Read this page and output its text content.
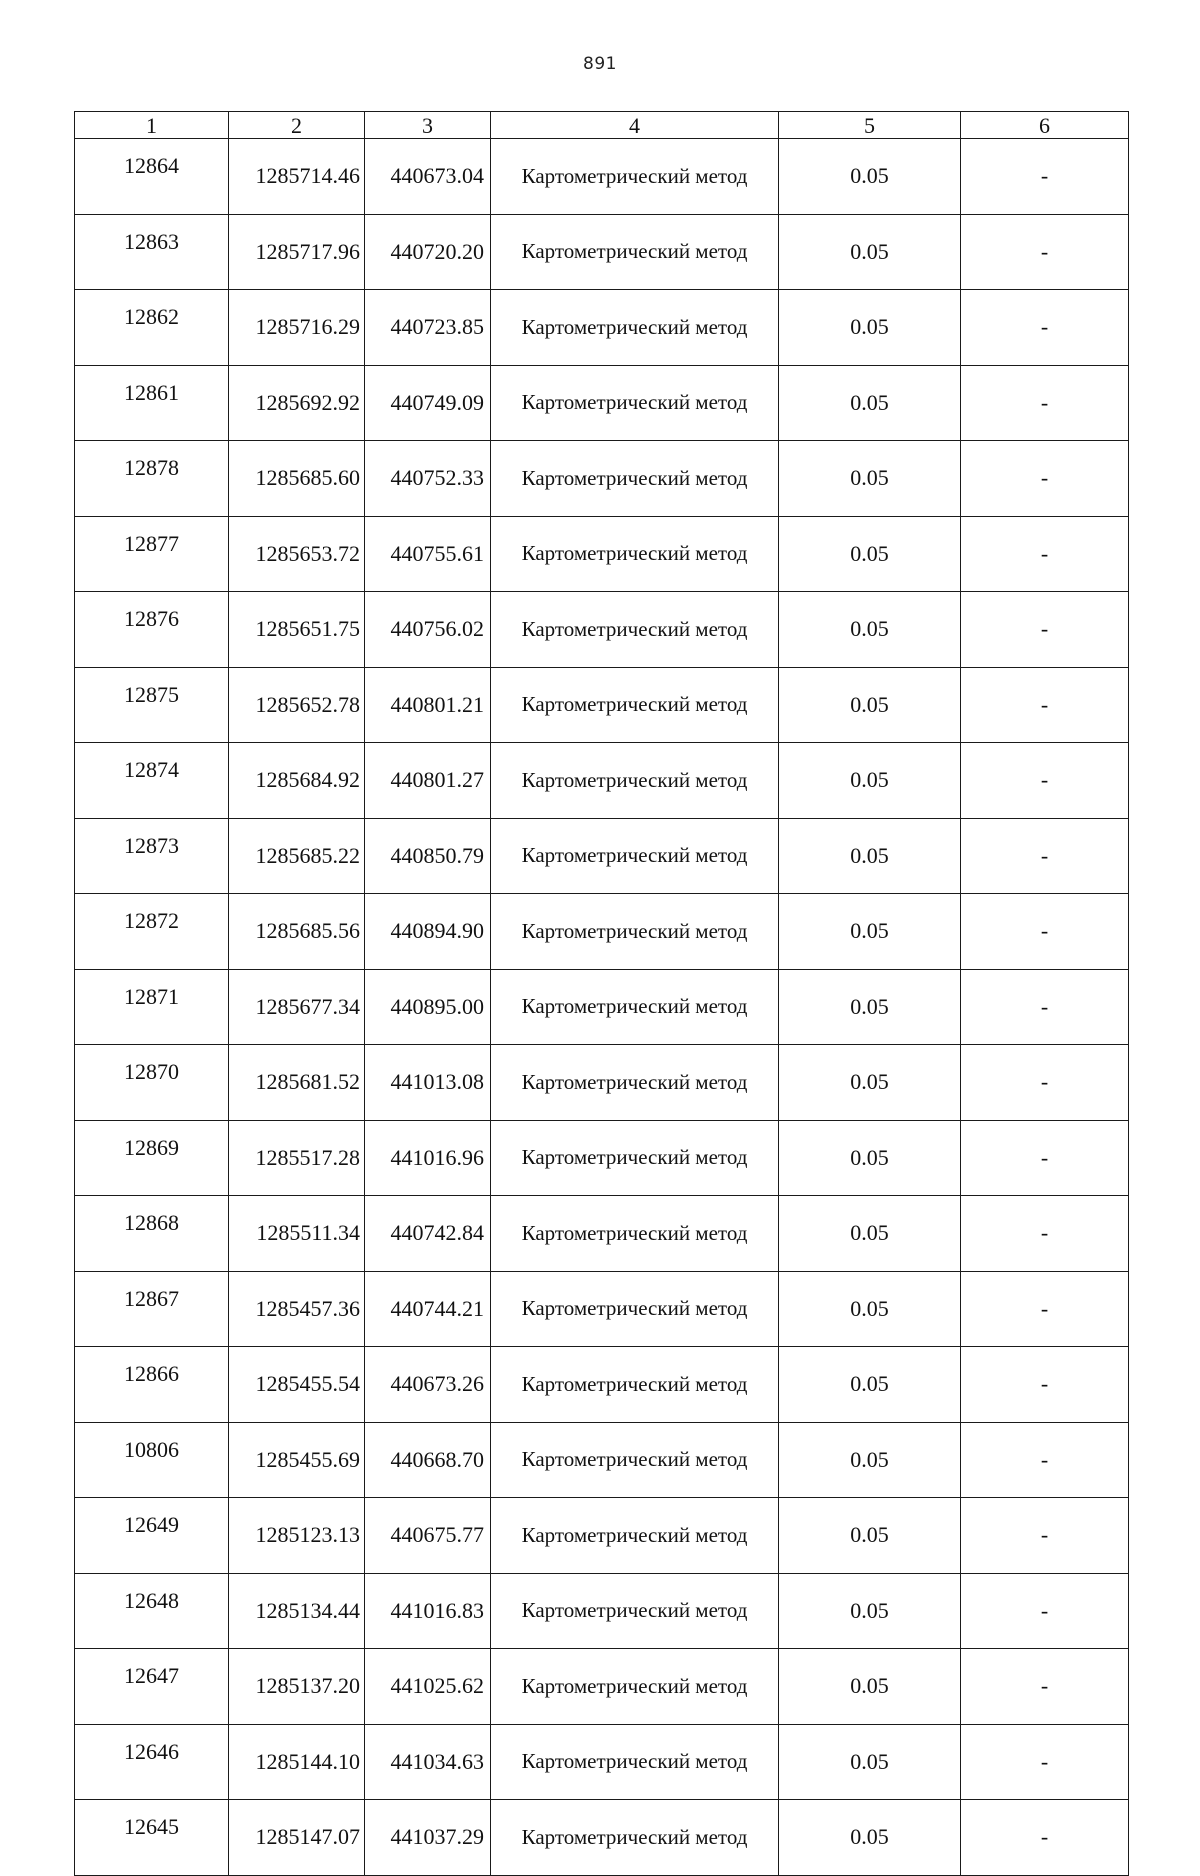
891
1	2	3	4	5	6
12864	1285714.46	440673.04	Картометрический метод	0.05	-
12863	1285717.96	440720.20	Картометрический метод	0.05	-
12862	1285716.29	440723.85	Картометрический метод	0.05	-
12861	1285692.92	440749.09	Картометрический метод	0.05	-
12878	1285685.60	440752.33	Картометрический метод	0.05	-
12877	1285653.72	440755.61	Картометрический метод	0.05	-
12876	1285651.75	440756.02	Картометрический метод	0.05	-
12875	1285652.78	440801.21	Картометрический метод	0.05	-
12874	1285684.92	440801.27	Картометрический метод	0.05	-
12873	1285685.22	440850.79	Картометрический метод	0.05	-
12872	1285685.56	440894.90	Картометрический метод	0.05	-
12871	1285677.34	440895.00	Картометрический метод	0.05	-
12870	1285681.52	441013.08	Картометрический метод	0.05	-
12869	1285517.28	441016.96	Картометрический метод	0.05	-
12868	1285511.34	440742.84	Картометрический метод	0.05	-
12867	1285457.36	440744.21	Картометрический метод	0.05	-
12866	1285455.54	440673.26	Картометрический метод	0.05	-
10806	1285455.69	440668.70	Картометрический метод	0.05	-
12649	1285123.13	440675.77	Картометрический метод	0.05	-
12648	1285134.44	441016.83	Картометрический метод	0.05	-
12647	1285137.20	441025.62	Картометрический метод	0.05	-
12646	1285144.10	441034.63	Картометрический метод	0.05	-
12645	1285147.07	441037.29	Картометрический метод	0.05	-
